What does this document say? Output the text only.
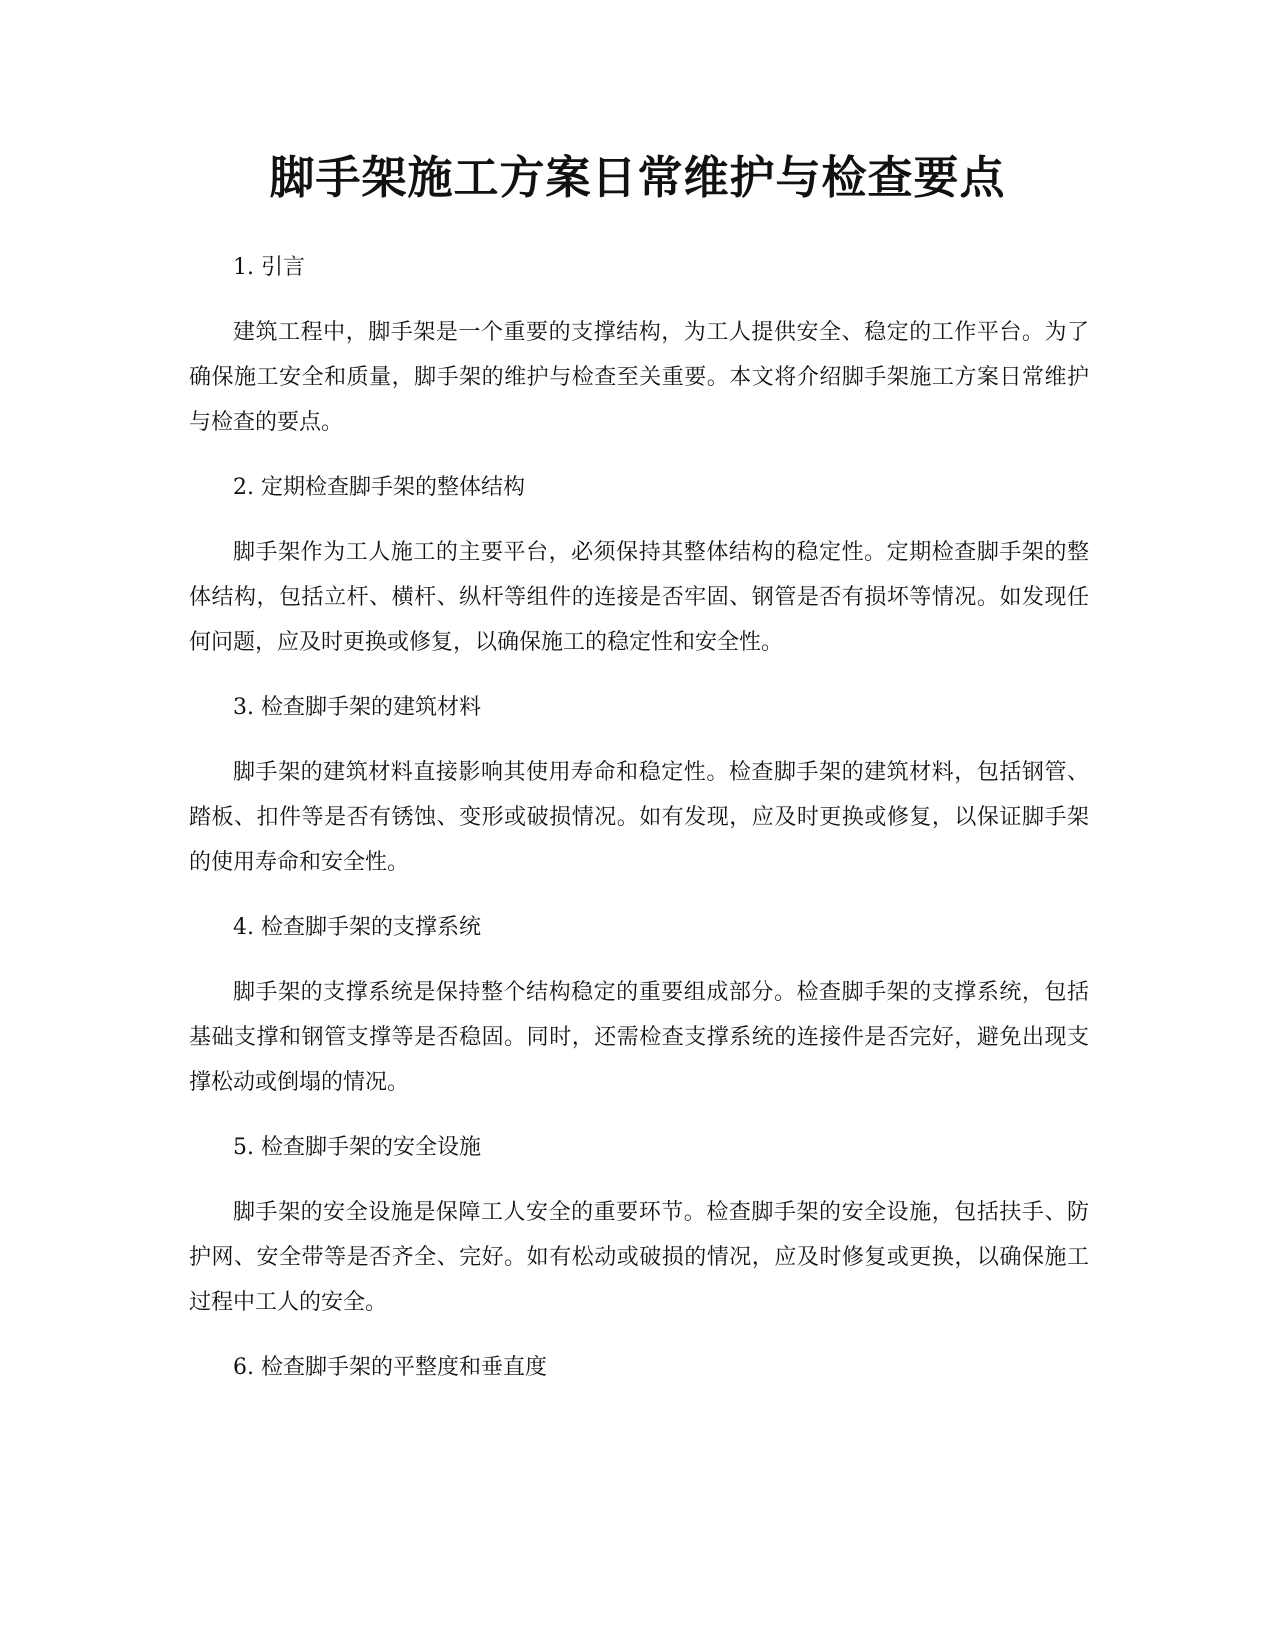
脚手架施工方案日常维护与检查要点

1. 引言

建筑工程中，脚手架是一个重要的支撑结构，为工人提供安全、稳定的工作平台。为了确保施工安全和质量，脚手架的维护与检查至关重要。本文将介绍脚手架施工方案日常维护与检查的要点。

2. 定期检查脚手架的整体结构

脚手架作为工人施工的主要平台，必须保持其整体结构的稳定性。定期检查脚手架的整体结构，包括立杆、横杆、纵杆等组件的连接是否牢固、钢管是否有损坏等情况。如发现任何问题，应及时更换或修复，以确保施工的稳定性和安全性。

3. 检查脚手架的建筑材料

脚手架的建筑材料直接影响其使用寿命和稳定性。检查脚手架的建筑材料，包括钢管、踏板、扣件等是否有锈蚀、变形或破损情况。如有发现，应及时更换或修复，以保证脚手架的使用寿命和安全性。

4. 检查脚手架的支撑系统

脚手架的支撑系统是保持整个结构稳定的重要组成部分。检查脚手架的支撑系统，包括基础支撑和钢管支撑等是否稳固。同时，还需检查支撑系统的连接件是否完好，避免出现支撑松动或倒塌的情况。

5. 检查脚手架的安全设施

脚手架的安全设施是保障工人安全的重要环节。检查脚手架的安全设施，包括扶手、防护网、安全带等是否齐全、完好。如有松动或破损的情况，应及时修复或更换，以确保施工过程中工人的安全。

6. 检查脚手架的平整度和垂直度
